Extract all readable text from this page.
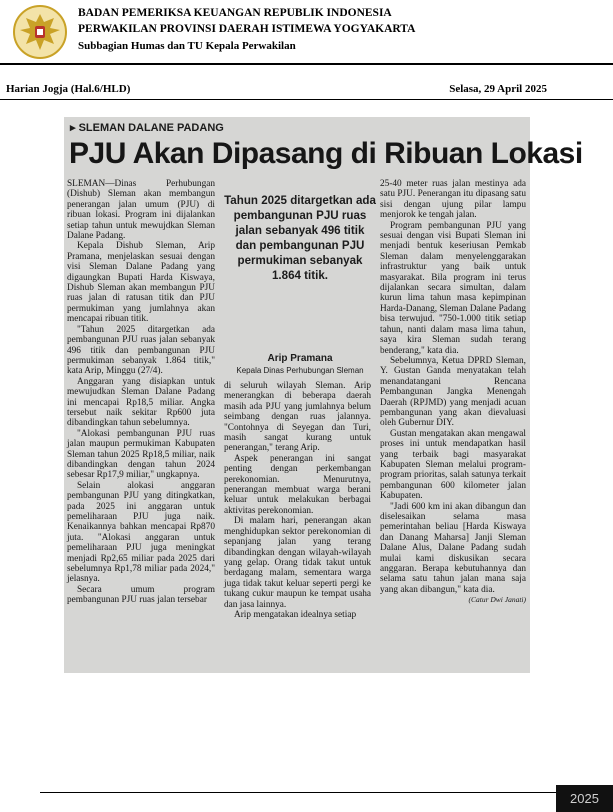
BADAN PEMERIKSA KEUANGAN REPUBLIK INDONESIA
PERWAKILAN PROVINSI DAERAH ISTIMEWA YOGYAKARTA
Subbagian Humas dan TU Kepala Perwakilan
Harian Jogja (Hal.6/HLD)	Selasa, 29 April 2025
▸ SLEMAN DALANE PADANG
PJU Akan Dipasang di Ribuan Lokasi

SLEMAN—Dinas Perhubungan (Dishub) Sleman akan membangun penerangan jalan umum (PJU) di ribuan lokasi. Program ini dijalankan setiap tahun untuk mewujdkan Sleman Dalane Padang.

Kepala Dishub Sleman, Arip Pramana, menjelaskan sesuai dengan visi Sleman Dalane Padang yang digaungkan Bupati Harda Kiswaya, Dishub Sleman akan membangun PJU ruas jalan di ratusan titik dan PJU permukiman yang jumlahnya akan mencapai ribuan titik.

"Tahun 2025 ditargetkan ada pembangunan PJU ruas jalan sebanyak 496 titik dan pembangunan PJU permukiman sebanyak 1.864 titik," kata Arip, Minggu (27/4).

Anggaran yang disiapkan untuk mewujudkan Sleman Dalane Padang ini mencapai Rp18,5 miliar. Angka tersebut naik sekitar Rp600 juta dibandingkan tahun sebelumnya.

"Alokasi pembangunan PJU ruas jalan maupun permukiman Kabupaten Sleman tahun 2025 Rp18,5 miliar, naik dibandingkan dengan tahun 2024 sebesar Rp17,9 miliar," ungkapnya.

Selain alokasi anggaran pembangunan PJU yang ditingkatkan, pada 2025 ini anggaran untuk pemeliharaan PJU juga naik. Kenaikannya bahkan mencapai Rp870 juta. "Alokasi anggaran untuk pemeliharaan PJU juga meningkat menjadi Rp2,65 miliar pada 2025 dari sebelumnya Rp1,78 miliar pada 2024," jelasnya.

Secara umum program pembangunan PJU ruas jalan tersebar

Tahun 2025 ditargetkan ada pembangunan PJU ruas jalan sebanyak 496 titik dan pembangunan PJU permukiman sebanyak 1.864 titik.
Arip Pramana
Kepala Dinas Perhubungan Sleman

di seluruh wilayah Sleman. Arip menerangkan di beberapa daerah masih ada PJU yang jumlahnya belum seimbang dengan ruas jalannya. "Contohnya di Seyegan dan Turi, masih sangat kurang untuk penerangan," terang Arip.

Aspek penerangan ini sangat penting dengan perkembangan perekonomian. Menurutnya, penerangan membuat warga berani keluar untuk melakukan berbagai aktivitas perekonomian.

Di malam hari, penerangan akan menghidupkan sektor perekonomian di sepanjang jalan yang terang dibandingkan dengan wilayah-wilayah yang gelap. Orang tidak takut untuk berdagang malam, sementara warga juga tidak takut keluar seperti pergi ke tukang cukur maupun ke tempat usaha dan jasa lainnya.

Arip mengatakan idealnya setiap

25-40 meter ruas jalan mestinya ada satu PJU. Penerangan itu dipasang satu sisi dengan ujung pilar lampu menjorok ke tengah jalan.

Program pembangunan PJU yang sesuai dengan visi Bupati Sleman ini menjadi bentuk keseriusan Pemkab Sleman dalam menyelenggarakan infrastruktur yang baik untuk masyarakat. Bila program ini terus dijalankan secara simultan, dalam kurun lima tahun masa kepimpinan Harda-Danang, Sleman Dalane Padang bisa terwujud. "750-1.000 titik setiap tahun, nanti dalam masa lima tahun, saya kira Sleman sudah terang benderang," kata dia.

Sebelumnya, Ketua DPRD Sleman, Y. Gustan Ganda menyatakan telah menandatangani Rencana Pembangunan Jangka Menengah Daerah (RPJMD) yang menjadi acuan pembangunan yang akan dievaluasi oleh Gubernur DIY.

Gustan mengatakan akan mengawal proses ini untuk mendapatkan hasil yang terbaik bagi masyarakat Kabupaten Sleman melalui program-program prioritas, salah satunya terkait pembangunan 600 kilometer jalan Kabupaten.

"Jadi 600 km ini akan dibangun dan diselesaikan selama masa pemerintahan beliau [Harda Kiswaya dan Danang Maharsa] Janji Sleman Dalane Alus, Dalane Padang sudah mulai kami diskusikan secara anggaran. Berapa kebutuhannya dan selama satu tahun jalan mana saja yang akan dibangun," kata dia.

(Catur Dwi Janati)

2025
